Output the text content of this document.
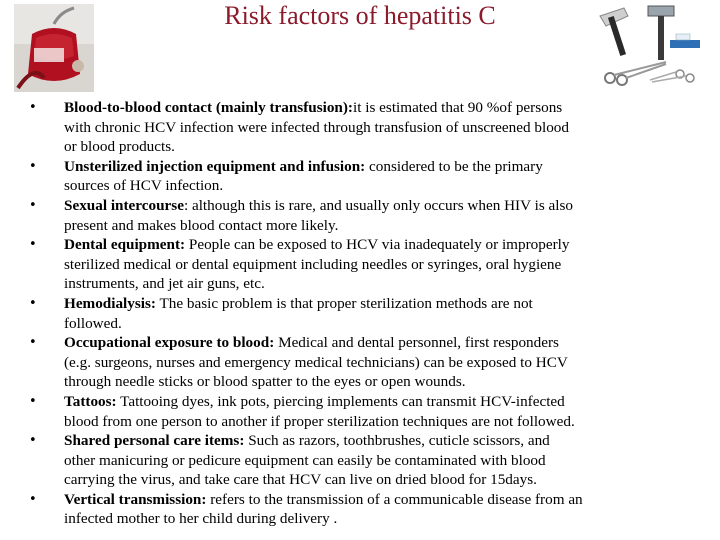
Risk factors of hepatitis C
• Blood-to-blood contact (mainly transfusion):it is estimated that 90 %of persons
with chronic HCV infection were infected through transfusion of unscreened blood
or blood products.
• Unsterilized injection equipment and infusion: considered to be the primary
sources of HCV infection.
• Sexual intercourse: although this is rare, and usually only occurs when HIV is also
present and makes blood contact more likely.
• Dental equipment: People can be exposed to HCV via inadequately or improperly
sterilized medical or dental equipment including needles or syringes, oral hygiene
instruments, and jet air guns, etc.
• Hemodialysis: The basic problem is that proper sterilization methods are not
followed.
• Occupational exposure to blood: Medical and dental personnel, first responders
(e.g. surgeons, nurses and emergency medical technicians) can be exposed to HCV
through needle sticks or blood spatter to the eyes or open wounds.
• Tattoos: Tattooing dyes, ink pots, piercing implements can transmit HCV-infected
blood from one person to another if proper sterilization techniques are not followed.
• Shared personal care items: Such as razors, toothbrushes, cuticle scissors, and
other manicuring or pedicure equipment can easily be contaminated with blood
carrying the virus, and take care that HCV can live on dried blood for 15days.
• Vertical transmission: refers to the transmission of a communicable disease from an
infected mother to her child during delivery .
